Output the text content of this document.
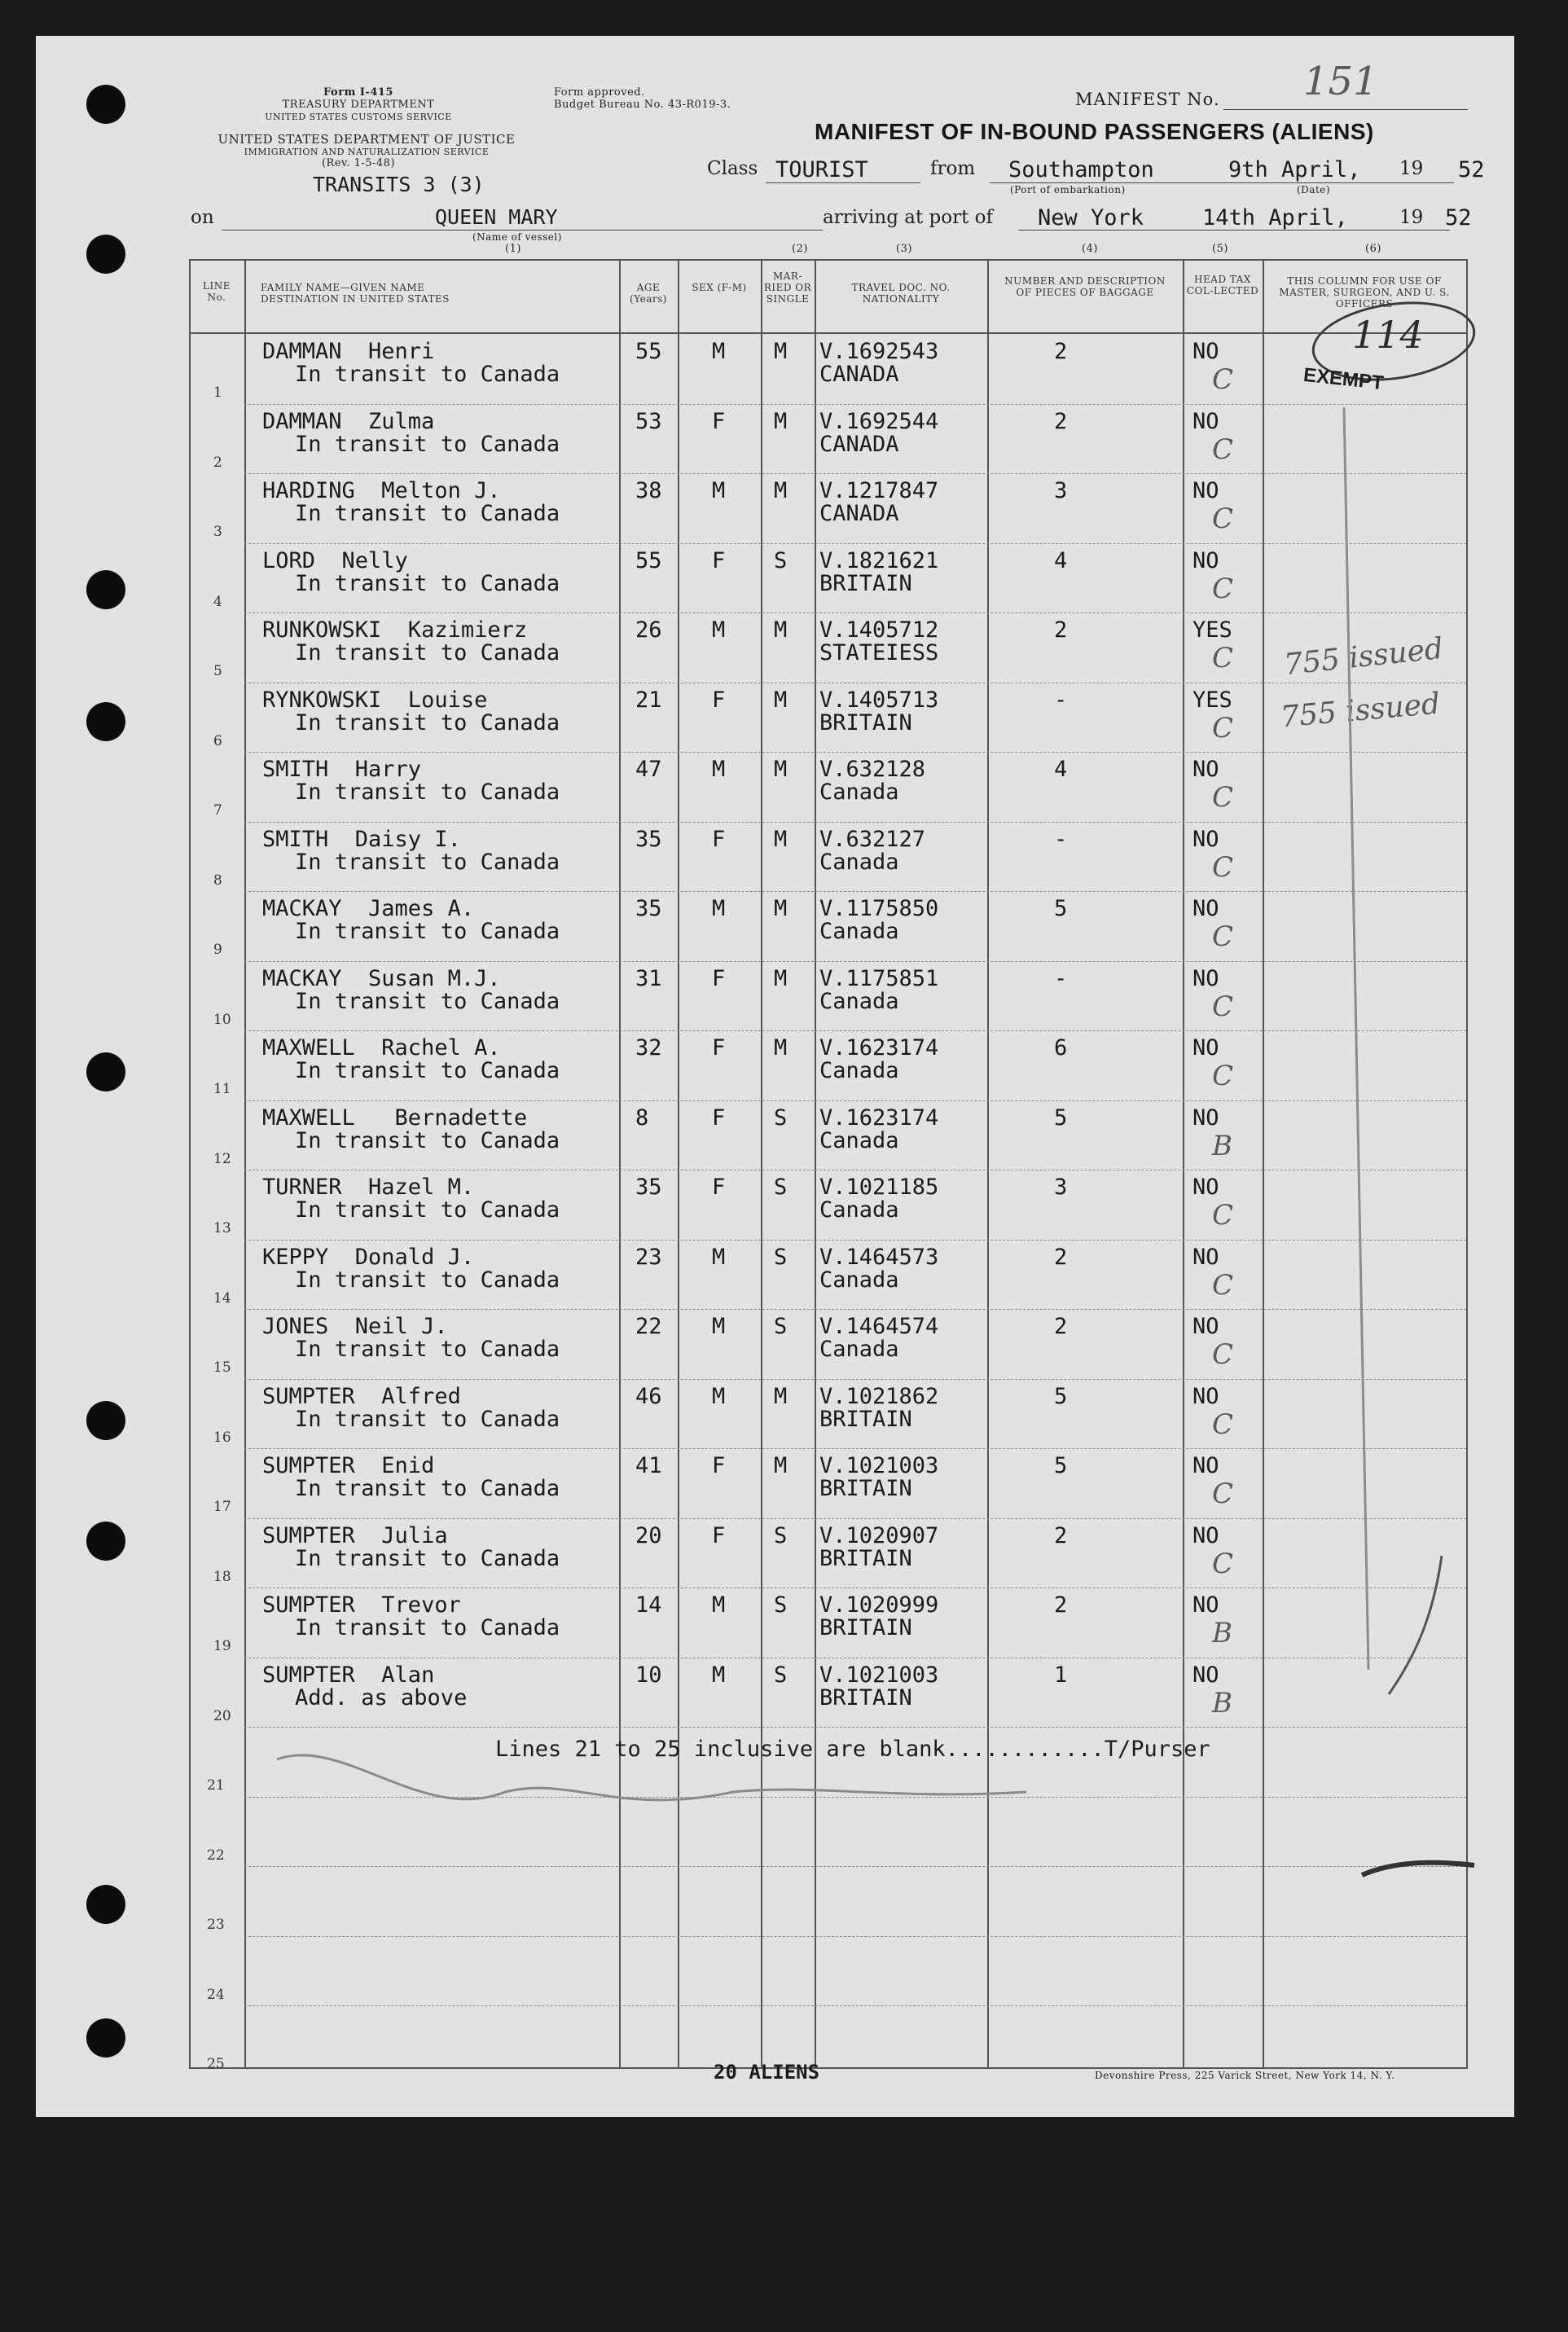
Form I-415
TREASURY DEPARTMENT
UNITED STATES CUSTOMS SERVICE
UNITED STATES DEPARTMENT OF JUSTICE
IMMIGRATION AND NATURALIZATION SERVICE
(Rev. 1-5-48)
Form approved.
Budget Bureau No. 43-R019-3.
TRANSITS 3 (3)
MANIFEST No. 151
MANIFEST OF IN-BOUND PASSENGERS (ALIENS)
Class TOURIST	from Southampton
(Port of embarkation)
9th April,
(Date)
19 52
on	QUEEN MARY
(Name of vessel)
arriving at port of New York	14th April,	19 52
(1)	(2)	(3)	(4)	(5)	(6)
LINE No.
FAMILY NAME—GIVEN NAME DESTINATION IN UNITED STATES
AGE (Years)
SEX (F-M)
MAR-RIED OR SINGLE
TRAVEL DOC. NO. NATIONALITY
NUMBER AND DESCRIPTION OF PIECES OF BAGGAGE
HEAD TAX COL-LECTED
THIS COLUMN FOR USE OF MASTER, SURGEON, AND U. S. OFFICERS
1
DAMMAN  Henri
In transit to Canada
55 M M V.1692543
CANADA
2	NO
C
2
DAMMAN  Zulma
In transit to Canada
53 F M V.1692544
CANADA
2	NO
C
3
HARDING  Melton J.
In transit to Canada
38 M M V.1217847
CANADA
3	NO
C
4
LORD  Nelly
In transit to Canada
55 F S V.1821621
BRITAIN
4	NO
C
5
RUNKOWSKI  Kazimierz
In transit to Canada
26 M M V.1405712
STATEIESS
2	YES
C
6
RYNKOWSKI  Louise
In transit to Canada
21 F M V.1405713
BRITAIN
-	YES
C
7
SMITH  Harry
In transit to Canada
47 M M V.632128
Canada
4	NO
C
8
SMITH  Daisy I.
In transit to Canada
35 F M V.632127
Canada
-	NO
C
9
MACKAY  James A.
In transit to Canada
35 M M V.1175850
Canada
5	NO
C
10
MACKAY  Susan M.J.
In transit to Canada
31 F M V.1175851
Canada
-	NO
C
11
MAXWELL  Rachel A.
In transit to Canada
32 F M V.1623174
Canada
6	NO
C
12
MAXWELL   Bernadette
In transit to Canada
8	F S V.1623174
Canada
5	NO
B
13
TURNER  Hazel M.
In transit to Canada
35 F S V.1021185
Canada
3	NO
C
14
KEPPY  Donald J.
In transit to Canada
23 M S V.1464573
Canada
2	NO
C
15
JONES  Neil J.
In transit to Canada
22 M S V.1464574
Canada
2	NO
C
16
SUMPTER  Alfred
In transit to Canada
46 M M V.1021862
BRITAIN
5	NO
C
17
SUMPTER  Enid
In transit to Canada
41 F M V.1021003
BRITAIN
5	NO
C
18
SUMPTER  Julia
In transit to Canada
20 F S V.1020907
BRITAIN
2	NO
C
19
SUMPTER  Trevor
In transit to Canada
14 M S V.1020999
BRITAIN
2	NO
B
20
SUMPTER  Alan
Add. as above
10 M S V.1021003
BRITAIN
1	NO
B
21
22
23
24
25
Lines 21 to 25 inclusive are blank............T/Purser
114
EXEMPT
755 issued
755 issued
20 ALIENS	Devonshire Press, 225 Varick Street, New York 14, N. Y.
